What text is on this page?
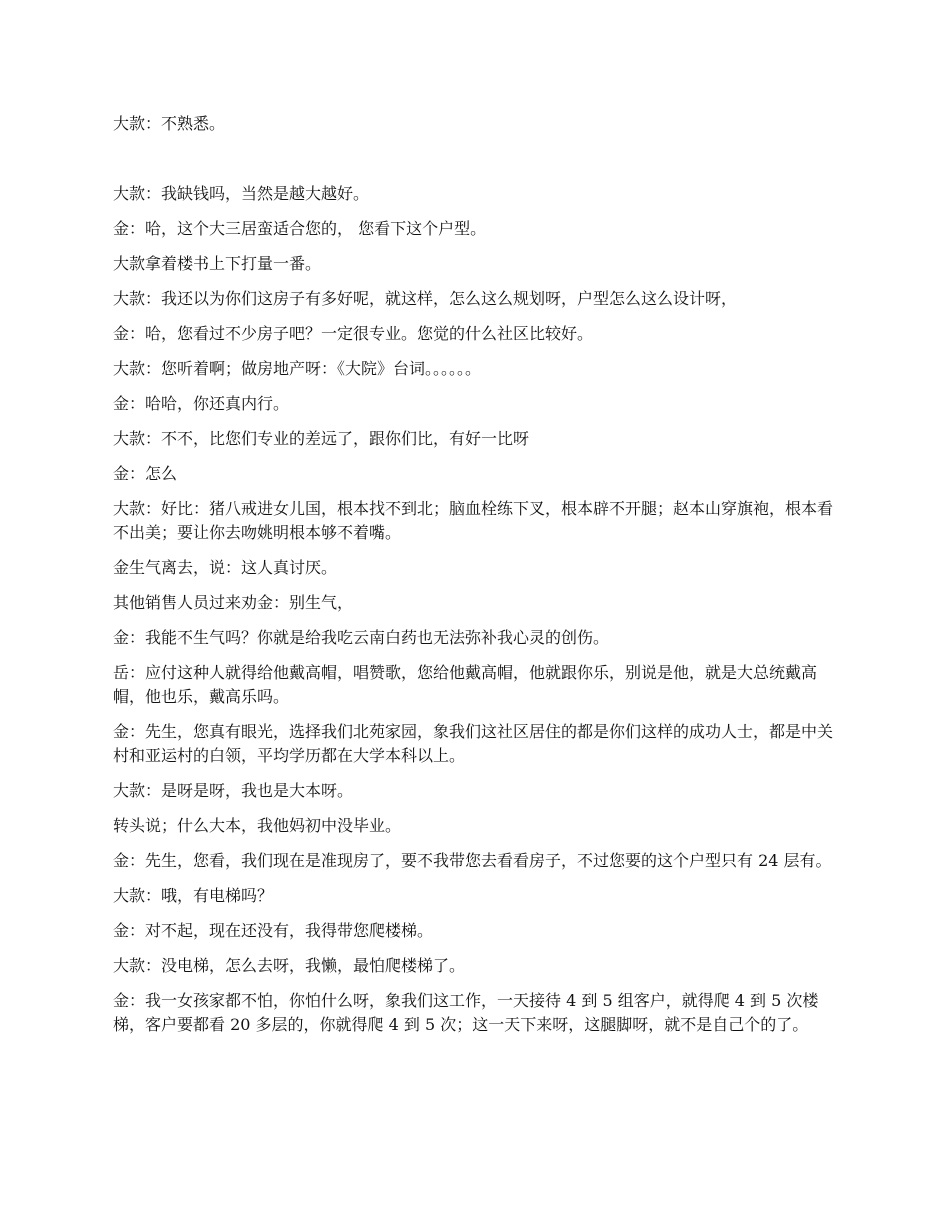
大款：不熟悉。

大款：我缺钱吗，当然是越大越好。

金：哈，这个大三居蛮适合您的， 您看下这个户型。

大款拿着楼书上下打量一番。

大款：我还以为你们这房子有多好呢，就这样，怎么这么规划呀，户型怎么这么设计呀，

金：哈，您看过不少房子吧？一定很专业。您觉的什么社区比较好。

大款：您听着啊；做房地产呀：《大院》台词。。。。。。

金：哈哈，你还真内行。

大款：不不，比您们专业的差远了，跟你们比，有好一比呀

金：怎么

大款：好比：猪八戒进女儿国，根本找不到北；脑血栓练下叉，根本辟不开腿；赵本山穿旗袍，根本看不出美；要让你去吻姚明根本够不着嘴。

金生气离去，说：这人真讨厌。

其他销售人员过来劝金：别生气，

金：我能不生气吗？你就是给我吃云南白药也无法弥补我心灵的创伤。

岳：应付这种人就得给他戴高帽，唱赞歌，您给他戴高帽，他就跟你乐，别说是他，就是大总统戴高帽，他也乐，戴高乐吗。

金：先生，您真有眼光，选择我们北苑家园，象我们这社区居住的都是你们这样的成功人士，都是中关村和亚运村的白领，平均学历都在大学本科以上。

大款：是呀是呀，我也是大本呀。

转头说；什么大本，我他妈初中没毕业。

金：先生，您看，我们现在是准现房了，要不我带您去看看房子，不过您要的这个户型只有 24 层有。

大款：哦，有电梯吗？

金：对不起，现在还没有，我得带您爬楼梯。

大款：没电梯，怎么去呀，我懒，最怕爬楼梯了。

金：我一女孩家都不怕，你怕什么呀，象我们这工作，一天接待 4 到 5 组客户，就得爬 4 到 5 次楼梯，客户要都看 20 多层的，你就得爬 4 到 5 次；这一天下来呀，这腿脚呀，就不是自己个的了。
